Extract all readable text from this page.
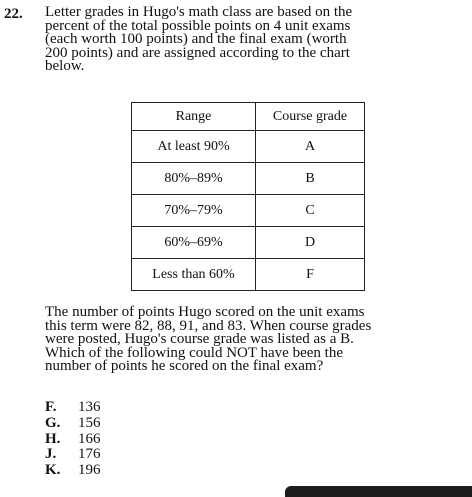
22. Letter grades in Hugo's math class are based on the
percent of the total possible points on 4 unit exams
(each worth 100 points) and the final exam (worth
200 points) and are assigned according to the chart
below.
Range	Course grade
At least 90%	A
80%–89%	B
70%–79%	C
60%–69%	D
Less than 60%	F
The number of points Hugo scored on the unit exams
this term were 82, 88, 91, and 83. When course grades
were posted, Hugo's course grade was listed as a B.
Which of the following could NOT have been the
number of points he scored on the final exam?
F. 136
G. 156
H. 166
J. 176
K. 196
